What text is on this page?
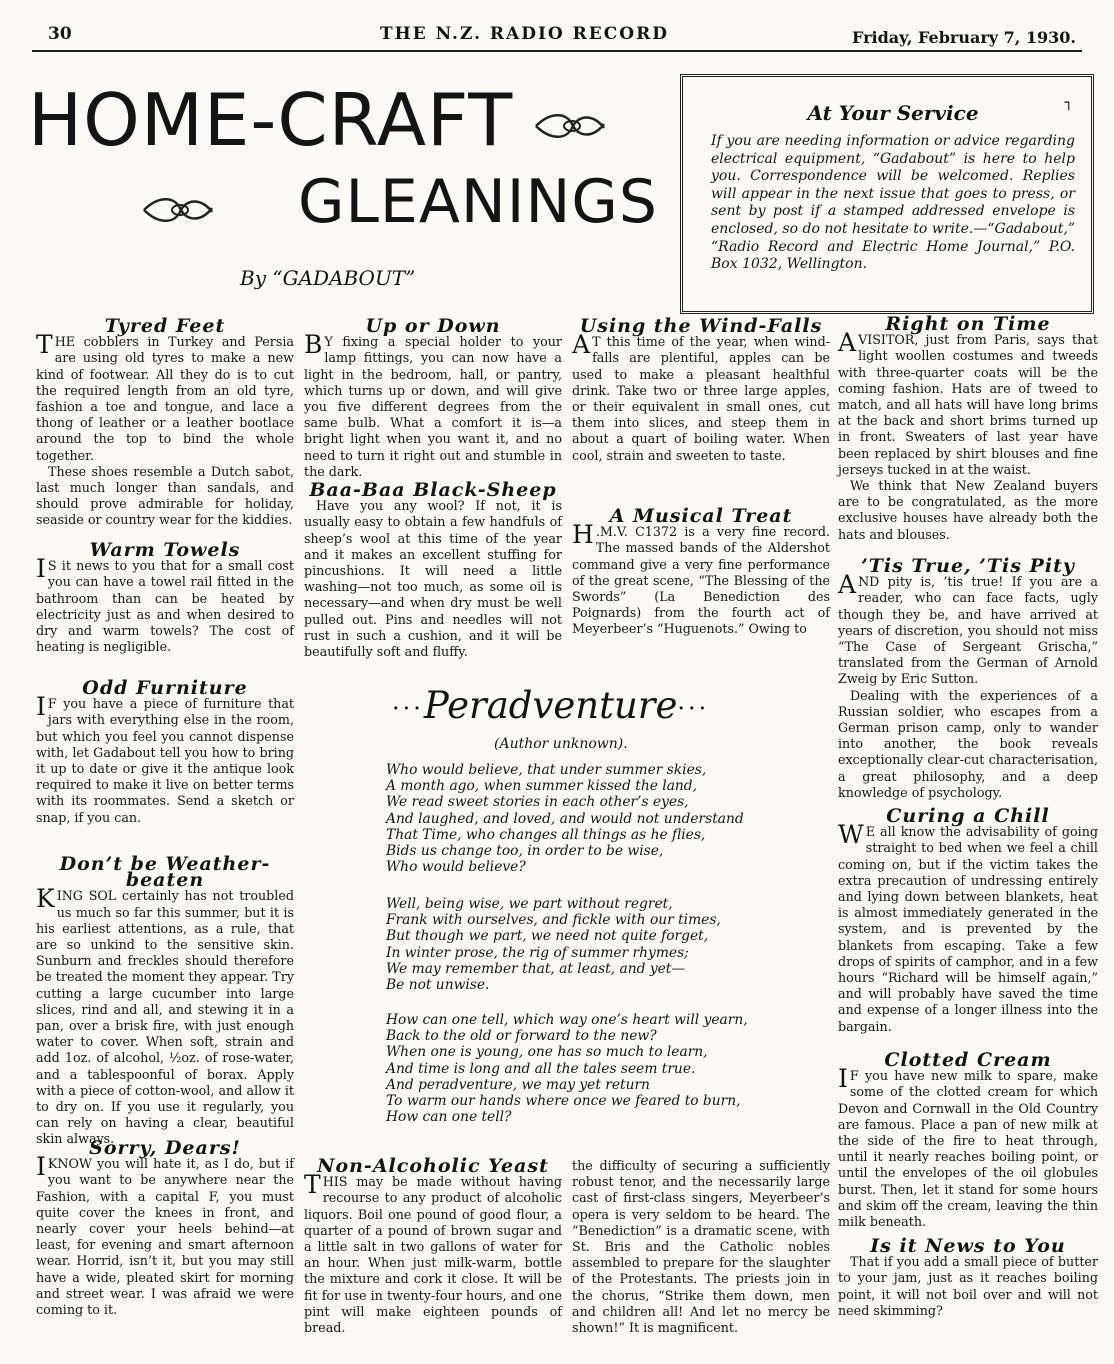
30	THE N.Z. RADIO RECORD	Friday, February 7, 1930.
HOME-CRAFT
GLEANINGS
By “GADABOUT”
┐
At Your Service
If you are needing information or advice regarding electrical equipment, “Gadabout” is here to help you. Correspondence will be welcomed. Replies will appear in the next issue that goes to press, or sent by post if a stamped addressed envelope is enclosed, so do not hesitate to write.—“Gadabout,” “Radio Record and Electric Home Journal,” P.O. Box 1032, Wellington.
Tyred Feet

THE cobblers in Turkey and Persia are using old tyres to make a new kind of footwear. All they do is to cut the required length from an old tyre, fashion a toe and tongue, and lace a thong of leather or a leather bootlace around the top to bind the whole together.

These shoes resemble a Dutch sabot, last much longer than sandals, and should prove admirable for holiday, seaside or country wear for the kiddies.

Warm Towels

I S it news to you that for a small cost you can have a towel rail fitted in the bathroom than can be heated by electricity just as and when desired to dry and warm towels? The cost of heating is negligible.

Odd Furniture

I F you have a piece of furniture that jars with everything else in the room, but which you feel you cannot dispense with, let Gadabout tell you how to bring it up to date or give it the antique look required to make it live on better terms with its roommates. Send a sketch or snap, if you can.

Don’t be Weather-beaten

KING SOL certainly has not troubled us much so far this summer, but it is his earliest attentions, as a rule, that are so unkind to the sensitive skin. Sunburn and freckles should therefore be treated the moment they appear. Try cutting a large cucumber into large slices, rind and all, and stewing it in a pan, over a brisk fire, with just enough water to cover. When soft, strain and add 1oz. of alcohol, ½oz. of rose-water, and a tablespoonful of borax. Apply with a piece of cotton-wool, and allow it to dry on. If you use it regularly, you can rely on having a clear, beautiful skin always.

Sorry, Dears!

IKNOW you will hate it, as I do, but if you want to be anywhere near the Fashion, with a capital F, you must quite cover the knees in front, and nearly cover your heels behind—at least, for evening and smart afternoon wear. Horrid, isn’t it, but you may still have a wide, pleated skirt for morning and street wear. I was afraid we were coming to it.

Up or Down

B Y fixing a special holder to your lamp fittings, you can now have a light in the bedroom, hall, or pantry, which turns up or down, and will give you five different degrees from the same bulb. What a comfort it is—a bright light when you want it, and no need to turn it right out and stumble in the dark.

Baa-Baa Black-Sheep

Have you any wool? If not, it is usually easy to obtain a few handfuls of sheep’s wool at this time of the year and it makes an excellent stuffing for pincushions. It will need a little washing—not too much, as some oil is necessary—and when dry must be well pulled out. Pins and needles will not rust in such a cushion, and it will be beautifully soft and fluffy.

Using the Wind-Falls

A T this time of the year, when wind-falls are plentiful, apples can be used to make a pleasant healthful drink. Take two or three large apples, or their equivalent in small ones, cut them into slices, and steep them in about a quart of boiling water. When cool, strain and sweeten to taste.

A Musical Treat

H .M.V. C1372 is a very fine record. The massed bands of the Aldershot command give a very fine performance of the great scene, “The Blessing of the Swords” (La Benediction des Poignards) from the fourth act of Meyerbeer’s “Huguenots.” Owing to

···Peradventure···
(Author unknown).
Who would believe, that under summer skies,
A month ago, when summer kissed the land,
We read sweet stories in each other’s eyes,
And laughed, and loved, and would not understand
That Time, who changes all things as he flies,
Bids us change too, in order to be wise,
Who would believe?
Well, being wise, we part without regret,
Frank with ourselves, and fickle with our times,
But though we part, we need not quite forget,
In winter prose, the rig of summer rhymes;
We may remember that, at least, and yet—
Be not unwise.
How can one tell, which way one’s heart will yearn,
Back to the old or forward to the new?
When one is young, one has so much to learn,
And time is long and all the tales seem true.
And peradventure, we may yet return
To warm our hands where once we feared to burn,
How can one tell?
Non-Alcoholic Yeast

THIS may be made without having recourse to any product of alcoholic liquors. Boil one pound of good flour, a quarter of a pound of brown sugar and a little salt in two gallons of water for an hour. When just milk-warm, bottle the mixture and cork it close. It will be fit for use in twenty-four hours, and one pint will make eighteen pounds of bread.

the difficulty of securing a sufficiently robust tenor, and the necessarily large cast of first-class singers, Meyerbeer’s opera is very seldom to be heard. The “Benediction” is a dramatic scene, with St. Bris and the Catholic nobles assembled to prepare for the slaughter of the Protestants. The priests join in the chorus, “Strike them down, men and children all! And let no mercy be shown!” It is magnificent.

Right on Time

AVISITOR, just from Paris, says that light woollen costumes and tweeds with three-quarter coats will be the coming fashion. Hats are of tweed to match, and all hats will have long brims at the back and short brims turned up in front. Sweaters of last year have been replaced by shirt blouses and fine jerseys tucked in at the waist.

We think that New Zealand buyers are to be congratulated, as the more exclusive houses have already both the hats and blouses.

’Tis True, ’Tis Pity

AND pity is, ’tis true! If you are a reader, who can face facts, ugly though they be, and have arrived at years of discretion, you should not miss “The Case of Sergeant Grischa,” translated from the German of Arnold Zweig by Eric Sutton.

Dealing with the experiences of a Russian soldier, who escapes from a German prison camp, only to wander into another, the book reveals exceptionally clear-cut characterisation, a great philosophy, and a deep knowledge of psychology.

Curing a Chill

W E all know the advisability of going straight to bed when we feel a chill coming on, but if the victim takes the extra precaution of undressing entirely and lying down between blankets, heat is almost immediately generated in the system, and is prevented by the blankets from escaping. Take a few drops of spirits of camphor, and in a few hours “Richard will be himself again,” and will probably have saved the time and expense of a longer illness into the bargain.

Clotted Cream

I F you have new milk to spare, make some of the clotted cream for which Devon and Cornwall in the Old Country are famous. Place a pan of new milk at the side of the fire to heat through, until it nearly reaches boiling point, or until the envelopes of the oil globules burst. Then, let it stand for some hours and skim off the cream, leaving the thin milk beneath.

Is it News to You

That if you add a small piece of butter to your jam, just as it reaches boiling point, it will not boil over and will not need skimming?
